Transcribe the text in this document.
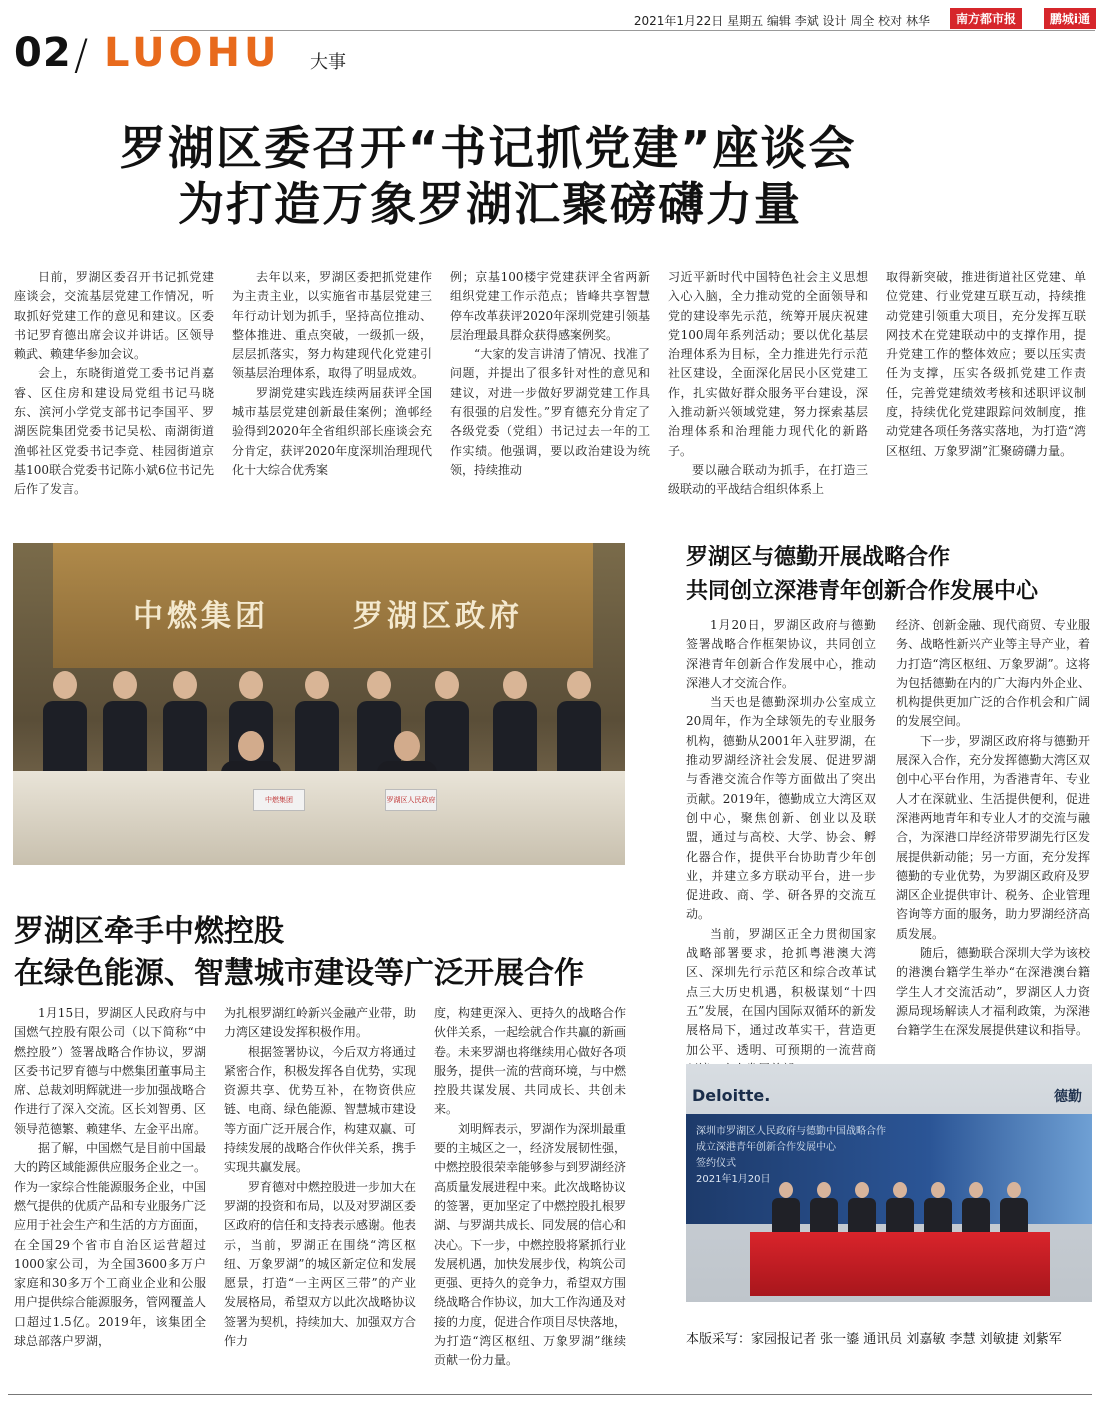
2021年1月22日 星期五 编辑 李斌 设计 周全 校对 林华	南方都市报	鹏城i通
02 / LUOHU 大事
罗湖区委召开“书记抓党建”座谈会
为打造万象罗湖汇聚磅礴力量

日前，罗湖区委召开书记抓党建座谈会，交流基层党建工作情况，听取抓好党建工作的意见和建议。区委书记罗育德出席会议并讲话。区领导赖武、赖建华参加会议。

会上，东晓街道党工委书记肖嘉睿、区住房和建设局党组书记马晓东、滨河小学党支部书记李国平、罗湖医院集团党委书记吴松、南湖街道渔邨社区党委书记李竞、桂园街道京基100联合党委书记陈小斌6位书记先后作了发言。

去年以来，罗湖区委把抓党建作为主责主业，以实施省市基层党建三年行动计划为抓手，坚持高位推动、整体推进、重点突破，一级抓一级，层层抓落实，努力构建现代化党建引领基层治理体系，取得了明显成效。

罗湖党建实践连续两届获评全国城市基层党建创新最佳案例；渔邨经验得到2020年全省组织部长座谈会充分肯定，获评2020年度深圳治理现代化十大综合优秀案

例；京基100楼宇党建获评全省两新组织党建工作示范点；皆峰共享智慧停车改革获评2020年深圳党建引领基层治理最具群众获得感案例奖。

“大家的发言讲清了情况、找准了问题，并提出了很多针对性的意见和建议，对进一步做好罗湖党建工作具有很强的启发性。”罗育德充分肯定了各级党委（党组）书记过去一年的工作实绩。他强调，要以政治建设为统领，持续推动

习近平新时代中国特色社会主义思想入心入脑，全力推动党的全面领导和党的建设率先示范，统筹开展庆祝建党100周年系列活动；要以优化基层治理体系为目标，全力推进先行示范社区建设，全面深化居民小区党建工作，扎实做好群众服务平台建设，深入推动新兴领域党建，努力探索基层治理体系和治理能力现代化的新路子。

要以融合联动为抓手，在打造三级联动的平战结合组织体系上

取得新突破，推进街道社区党建、单位党建、行业党建互联互动，持续推动党建引领重大项目，充分发挥互联网技术在党建联动中的支撑作用，提升党建工作的整体效应；要以压实责任为支撑，压实各级抓党建工作责任，完善党建绩效考核和述职评议制度，持续优化党建跟踪问效制度，推动党建各项任务落实落地，为打造“湾区枢纽、万象罗湖”汇聚磅礴力量。

中燃集团	罗湖区政府
中燃集团	罗湖区人民政府
罗湖区与德勤开展战略合作
共同创立深港青年创新合作发展中心

1月20日，罗湖区政府与德勤签署战略合作框架协议，共同创立深港青年创新合作发展中心，推动深港人才交流合作。

当天也是德勤深圳办公室成立20周年，作为全球领先的专业服务机构，德勤从2001年入驻罗湖，在推动罗湖经济社会发展、促进罗湖与香港交流合作等方面做出了突出贡献。2019年，德勤成立大湾区双创中心，聚焦创新、创业以及联盟，通过与高校、大学、协会、孵化器合作，提供平台协助青少年创业，并建立多方联动平台，进一步促进政、商、学、研各界的交流互动。

当前，罗湖区正全力贯彻国家战略部署要求，抢抓粤港澳大湾区、深圳先行示范区和综合改革试点三大历史机遇，积极谋划“十四五”发展，在国内国际双循环的新发展格局下，通过改革实干，营造更加公平、透明、可预期的一流营商

经济、创新金融、现代商贸、专业服务、战略性新兴产业等主导产业，着力打造“湾区枢纽、万象罗湖”。这将为包括德勤在内的广大海内外企业、机构提供更加广泛的合作机会和广阔的发展空间。

下一步，罗湖区政府将与德勤开展深入合作，充分发挥德勤大湾区双创中心平台作用，为香港青年、专业人才在深就业、生活提供便利，促进深港两地青年和专业人才的交流与融合，为深港口岸经济带罗湖先行区发展提供新动能；另一方面，充分发挥德勤的专业优势，为罗湖区政府及罗湖区企业提供审计、税务、企业管理咨询等方面的服务，助力罗湖经济高质发展。

随后，德勤联合深圳大学为该校的港澳台籍学生举办“在深港澳台籍学生人才交流活动”，罗湖区人力资源局现场解读人才福利政策，为深港台籍学生在深发展提供建议和指导。

Deloitte.	德勤
深圳市罗湖区人民政府与德勤中国战略合作
成立深港青年创新合作发展中心
签约仪式
2021年1月20日
罗湖区牵手中燃控股
在绿色能源、智慧城市建设等广泛开展合作

1月15日，罗湖区人民政府与中国燃气控股有限公司（以下简称“中燃控股”）签署战略合作协议，罗湖区委书记罗育德与中燃集团董事局主席、总裁刘明辉就进一步加强战略合作进行了深入交流。区长刘智勇、区领导范德繁、赖建华、左金平出席。

据了解，中国燃气是目前中国最大的跨区域能源供应服务企业之一。作为一家综合性能源服务企业，中国燃气提供的优质产品和专业服务广泛应用于社会生产和生活的方方面面，在全国29个省市自治区运营超过1000家公司，为全国3600多万户家庭和30多万个工商业企业和公服用户提供综合能源服务，管网覆盖人口超过1.5亿。2019年，该集团全球总部落户罗湖，

为扎根罗湖红岭新兴金融产业带，助力湾区建设发挥积极作用。

根据签署协议，今后双方将通过紧密合作，积极发挥各自优势，实现资源共享、优势互补，在物资供应链、电商、绿色能源、智慧城市建设等方面广泛开展合作，构建双赢、可持续发展的战略合作伙伴关系，携手实现共赢发展。

罗育德对中燃控股进一步加大在罗湖的投资和布局，以及对罗湖区委区政府的信任和支持表示感谢。他表示，当前，罗湖正在围绕“湾区枢纽、万象罗湖”的城区新定位和发展愿景，打造“一主两区三带”的产业发展格局，希望双方以此次战略协议签署为契机，持续加大、加强双方合作力

度，构建更深入、更持久的战略合作伙伴关系，一起绘就合作共赢的新画卷。未来罗湖也将继续用心做好各项服务，提供一流的营商环境，与中燃控股共谋发展、共同成长、共创未来。

刘明辉表示，罗湖作为深圳最重要的主城区之一，经济发展韧性强，中燃控股很荣幸能够参与到罗湖经济高质量发展进程中来。此次战略协议的签署，更加坚定了中燃控股扎根罗湖、与罗湖共成长、同发展的信心和决心。下一步，中燃控股将紧抓行业发展机遇，加快发展步伐，构筑公司更强、更持久的竞争力，希望双方围绕战略合作协议，加大工作沟通及对接的力度，促进合作项目尽快落地，为打造“湾区枢纽、万象罗湖”继续贡献一份力量。

本版采写：家园报记者 张一鎏 通讯员 刘嘉敏 李慧 刘敏捷 刘紫军
